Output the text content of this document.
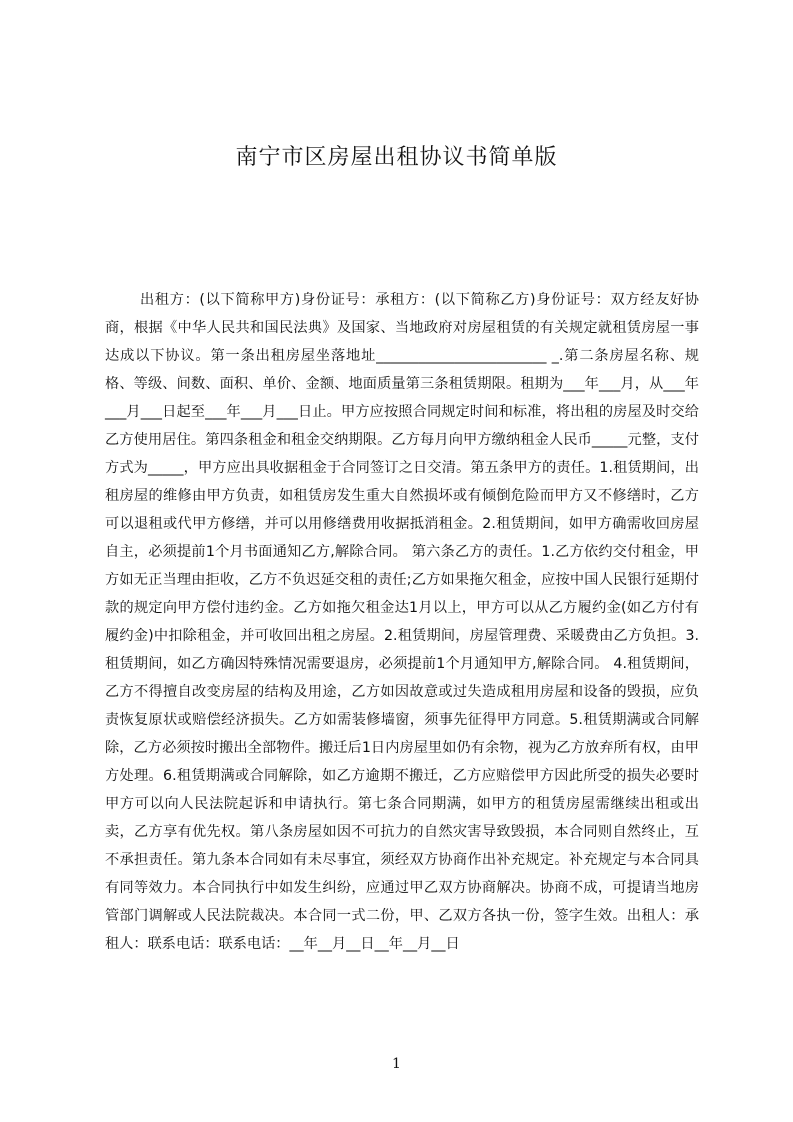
南宁市区房屋出租协议书简单版

出租方：(以下简称甲方)身份证号：承租方：(以下简称乙方)身份证号：双方经友好协商，根据《中华人民共和国民法典》及国家、当地政府对房屋租赁的有关规定就租赁房屋一事达成以下协议。第一条出租房屋坐落地址________________________ _.第二条房屋名称、规格、等级、间数、面积、单价、金额、地面质量第三条租赁期限。租期为___年___月，从___年___月___日起至___年___月___日止。甲方应按照合同规定时间和标准，将出租的房屋及时交给乙方使用居住。第四条租金和租金交纳期限。乙方每月向甲方缴纳租金人民币_____元整，支付方式为_____，甲方应出具收据租金于合同签订之日交清。第五条甲方的责任。1.租赁期间，出租房屋的维修由甲方负责，如租赁房发生重大自然损坏或有倾倒危险而甲方又不修缮时，乙方可以退租或代甲方修缮，并可以用修缮费用收据抵消租金。2.租赁期间，如甲方确需收回房屋自主，必须提前1个月书面通知乙方,解除合同。 第六条乙方的责任。1.乙方依约交付租金，甲方如无正当理由拒收，乙方不负迟延交租的责任;乙方如果拖欠租金，应按中国人民银行延期付款的规定向甲方偿付违约金。乙方如拖欠租金达1月以上，甲方可以从乙方履约金(如乙方付有履约金)中扣除租金，并可收回出租之房屋。2.租赁期间，房屋管理费、采暖费由乙方负担。3.租赁期间，如乙方确因特殊情况需要退房，必须提前1个月通知甲方,解除合同。 4.租赁期间，乙方不得擅自改变房屋的结构及用途，乙方如因故意或过失造成租用房屋和设备的毁损，应负责恢复原状或赔偿经济损失。乙方如需装修墙窗，须事先征得甲方同意。5.租赁期满或合同解除，乙方必须按时搬出全部物件。搬迁后1日内房屋里如仍有余物，视为乙方放弃所有权，由甲方处理。6.租赁期满或合同解除，如乙方逾期不搬迁，乙方应赔偿甲方因此所受的损失必要时甲方可以向人民法院起诉和申请执行。第七条合同期满，如甲方的租赁房屋需继续出租或出卖，乙方享有优先权。第八条房屋如因不可抗力的自然灾害导致毁损，本合同则自然终止，互不承担责任。第九条本合同如有未尽事宜，须经双方协商作出补充规定。补充规定与本合同具有同等效力。本合同执行中如发生纠纷，应通过甲乙双方协商解决。协商不成，可提请当地房管部门调解或人民法院裁决。本合同一式二份，甲、乙双方各执一份，签字生效。出租人：承租人：联系电话：联系电话：__年__月__日__年__月__日

1
